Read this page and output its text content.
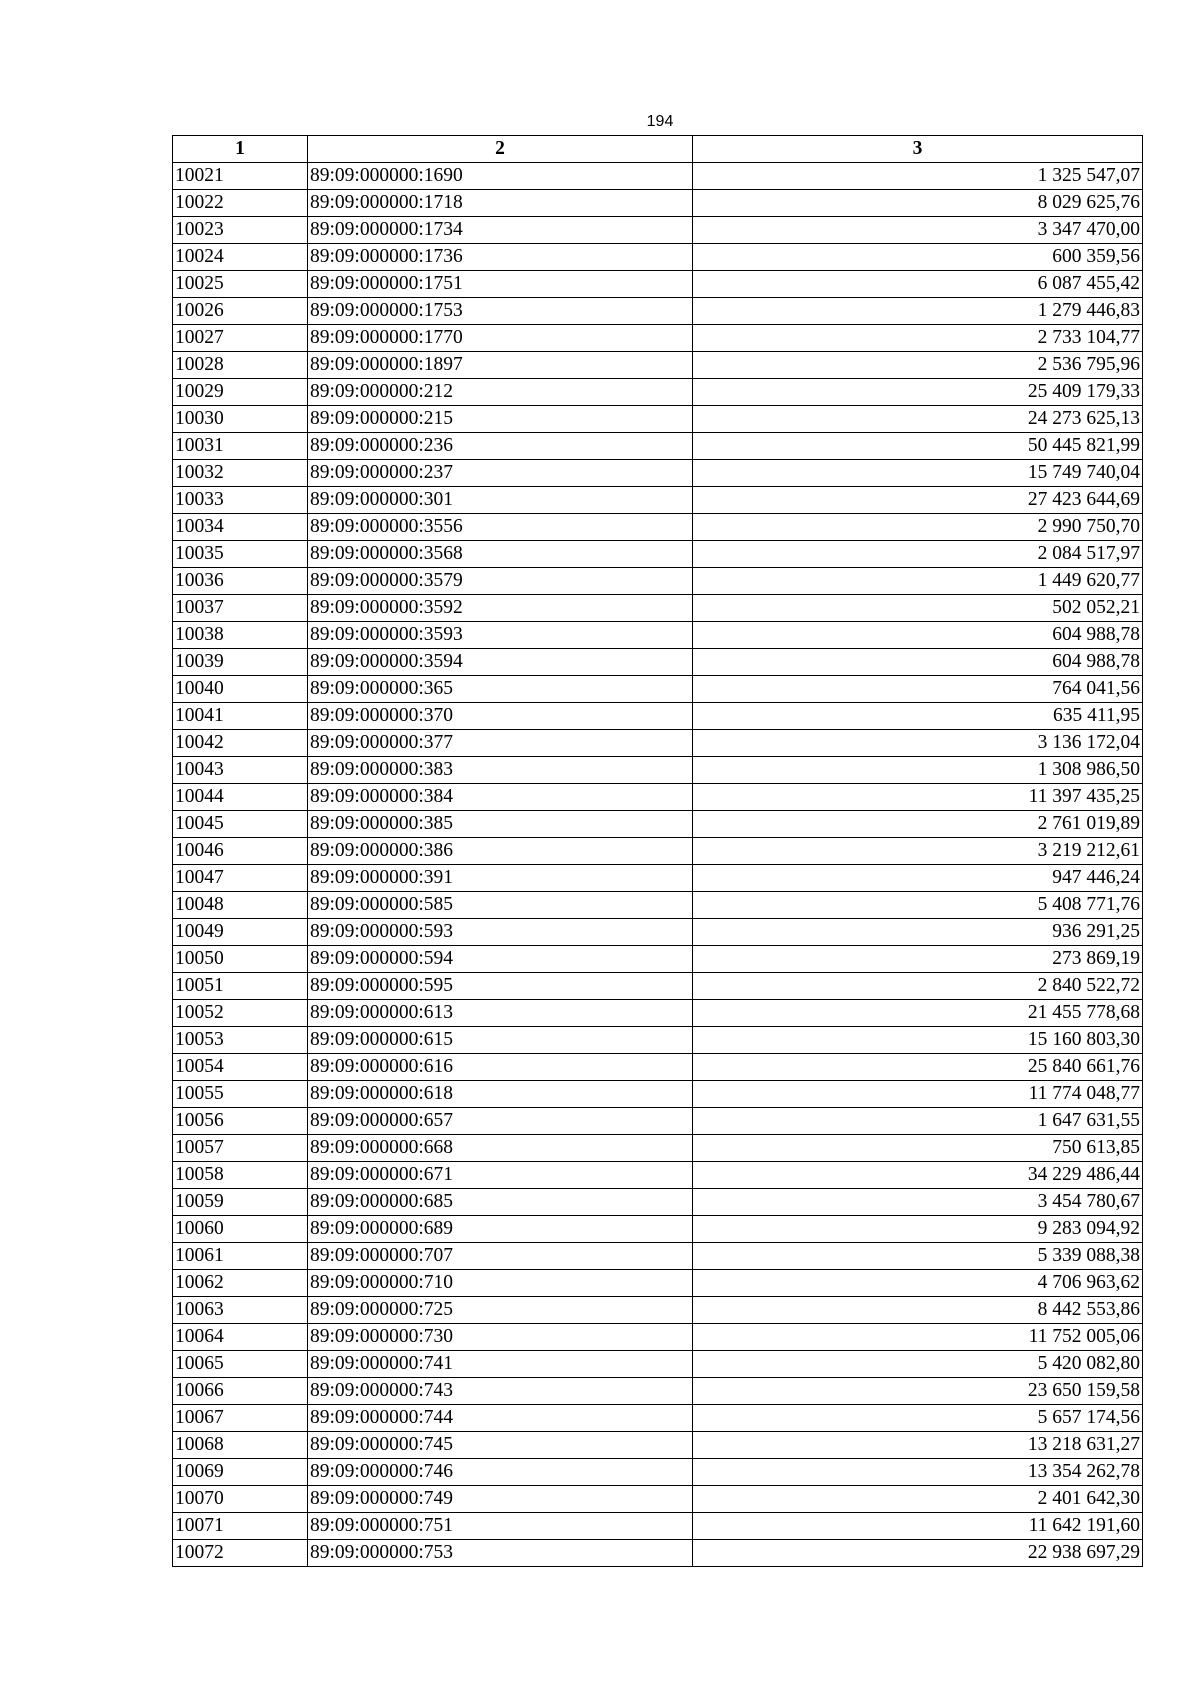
194
1	2	3
10021	89:09:000000:1690	1 325 547,07
10022	89:09:000000:1718	8 029 625,76
10023	89:09:000000:1734	3 347 470,00
10024	89:09:000000:1736	600 359,56
10025	89:09:000000:1751	6 087 455,42
10026	89:09:000000:1753	1 279 446,83
10027	89:09:000000:1770	2 733 104,77
10028	89:09:000000:1897	2 536 795,96
10029	89:09:000000:212	25 409 179,33
10030	89:09:000000:215	24 273 625,13
10031	89:09:000000:236	50 445 821,99
10032	89:09:000000:237	15 749 740,04
10033	89:09:000000:301	27 423 644,69
10034	89:09:000000:3556	2 990 750,70
10035	89:09:000000:3568	2 084 517,97
10036	89:09:000000:3579	1 449 620,77
10037	89:09:000000:3592	502 052,21
10038	89:09:000000:3593	604 988,78
10039	89:09:000000:3594	604 988,78
10040	89:09:000000:365	764 041,56
10041	89:09:000000:370	635 411,95
10042	89:09:000000:377	3 136 172,04
10043	89:09:000000:383	1 308 986,50
10044	89:09:000000:384	11 397 435,25
10045	89:09:000000:385	2 761 019,89
10046	89:09:000000:386	3 219 212,61
10047	89:09:000000:391	947 446,24
10048	89:09:000000:585	5 408 771,76
10049	89:09:000000:593	936 291,25
10050	89:09:000000:594	273 869,19
10051	89:09:000000:595	2 840 522,72
10052	89:09:000000:613	21 455 778,68
10053	89:09:000000:615	15 160 803,30
10054	89:09:000000:616	25 840 661,76
10055	89:09:000000:618	11 774 048,77
10056	89:09:000000:657	1 647 631,55
10057	89:09:000000:668	750 613,85
10058	89:09:000000:671	34 229 486,44
10059	89:09:000000:685	3 454 780,67
10060	89:09:000000:689	9 283 094,92
10061	89:09:000000:707	5 339 088,38
10062	89:09:000000:710	4 706 963,62
10063	89:09:000000:725	8 442 553,86
10064	89:09:000000:730	11 752 005,06
10065	89:09:000000:741	5 420 082,80
10066	89:09:000000:743	23 650 159,58
10067	89:09:000000:744	5 657 174,56
10068	89:09:000000:745	13 218 631,27
10069	89:09:000000:746	13 354 262,78
10070	89:09:000000:749	2 401 642,30
10071	89:09:000000:751	11 642 191,60
10072	89:09:000000:753	22 938 697,29
